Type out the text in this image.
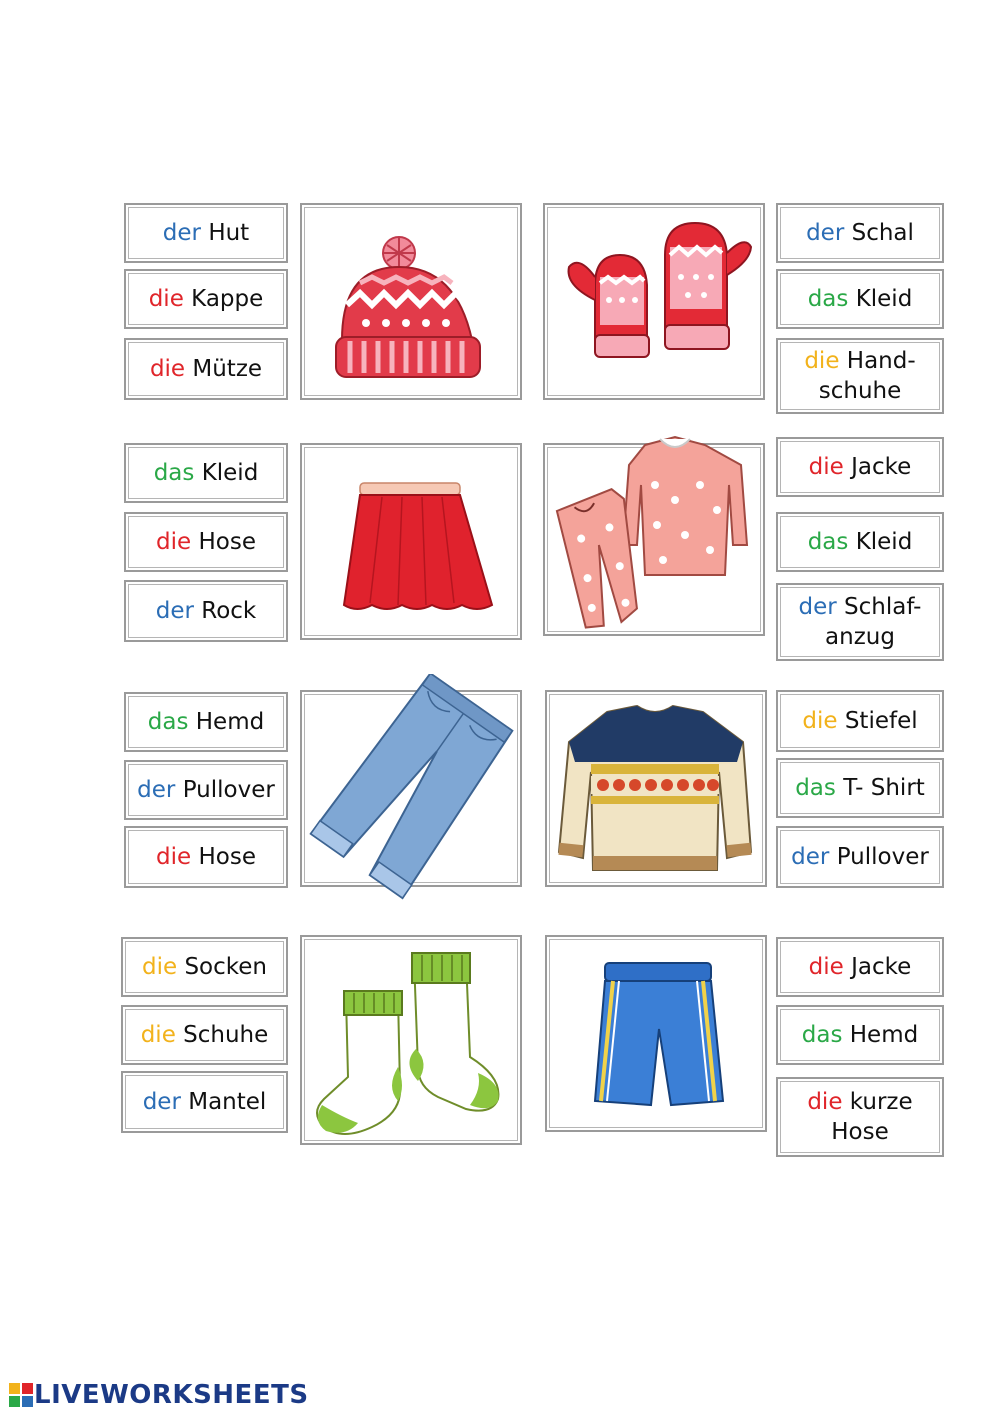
der Hut
die Kappe
die Mütze
der Schal
das Kleid
die Hand-
schuhe
das Kleid
die Hose
der Rock
die Jacke
das Kleid
der Schlaf-
anzug
das Hemd
der Pullover
die Hose
die Stiefel
das T- Shirt
der Pullover
die Socken
die Schuhe
der Mantel
die Jacke
das Hemd
die kurze
Hose
LIVEWORKSHEETS
